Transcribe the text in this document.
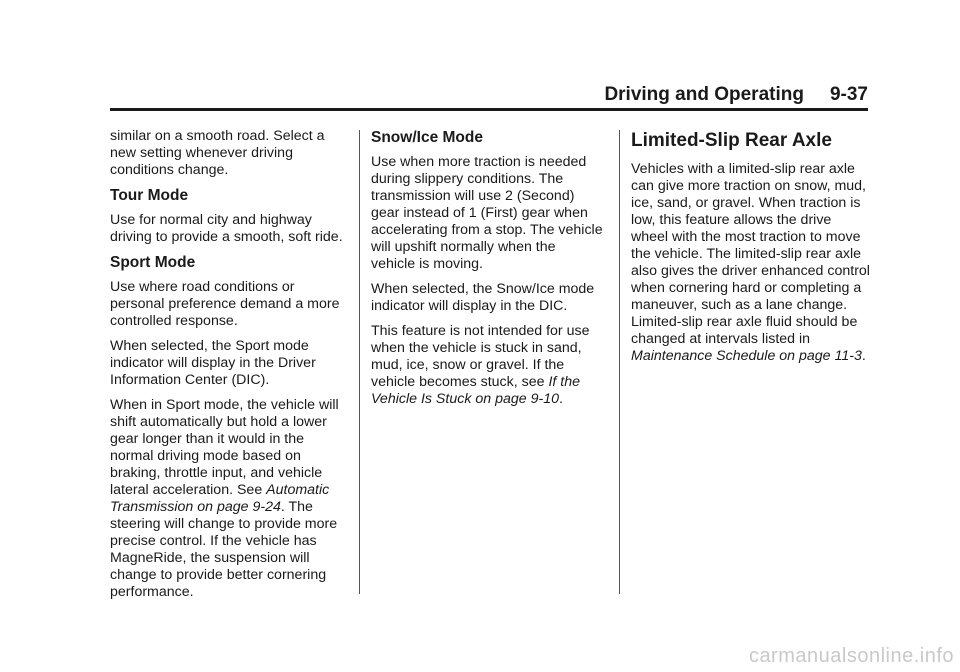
Driving and Operating 9-37

similar on a smooth road. Select a new setting whenever driving conditions change.

Tour Mode

Use for normal city and highway driving to provide a smooth, soft ride.

Sport Mode

Use where road conditions or personal preference demand a more controlled response.

When selected, the Sport mode indicator will display in the Driver Information Center (DIC).

When in Sport mode, the vehicle will shift automatically but hold a lower gear longer than it would in the normal driving mode based on braking, throttle input, and vehicle lateral acceleration. See Automatic Transmission on page 9-24. The steering will change to provide more precise control. If the vehicle has MagneRide, the suspension will change to provide better cornering performance.

Snow/Ice Mode

Use when more traction is needed during slippery conditions. The transmission will use 2 (Second) gear instead of 1 (First) gear when accelerating from a stop. The vehicle will upshift normally when the vehicle is moving.

When selected, the Snow/Ice mode indicator will display in the DIC.

This feature is not intended for use when the vehicle is stuck in sand, mud, ice, snow or gravel. If the vehicle becomes stuck, see If the Vehicle Is Stuck on page 9-10.

Limited-Slip Rear Axle

Vehicles with a limited-slip rear axle can give more traction on snow, mud, ice, sand, or gravel. When traction is low, this feature allows the drive wheel with the most traction to move the vehicle. The limited-slip rear axle also gives the driver enhanced control when cornering hard or completing a maneuver, such as a lane change. Limited-slip rear axle fluid should be changed at intervals listed in Maintenance Schedule on page 11-3.

carmanualsonline.info
